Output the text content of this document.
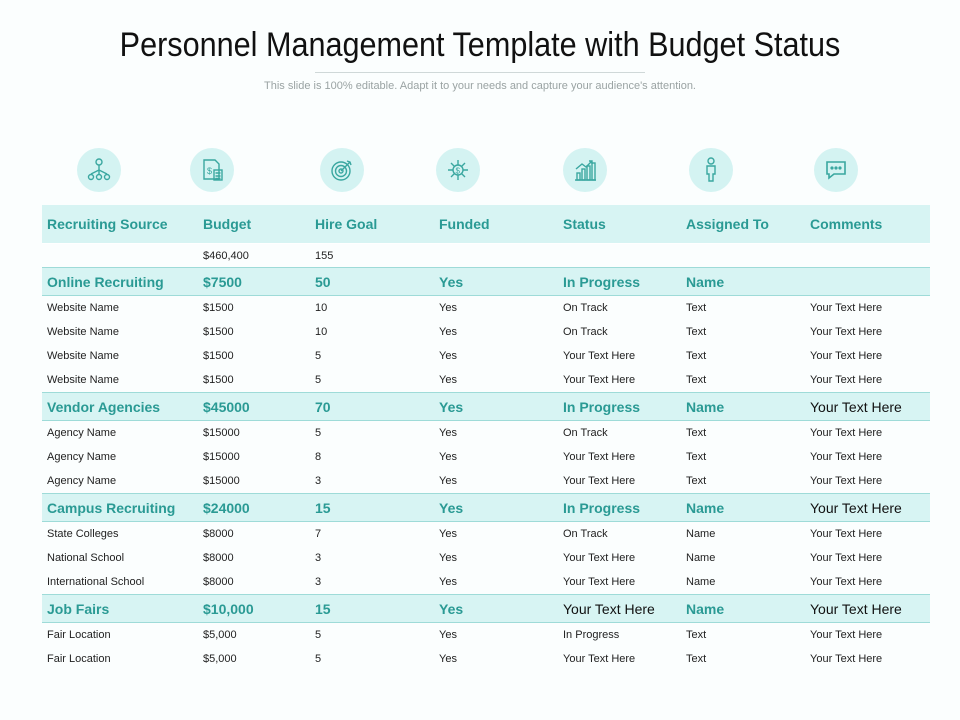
Personnel Management Template with Budget Status
This slide is 100% editable. Adapt it to your needs and capture your audience's attention.
$	$
Recruiting Source	Budget	Hire Goal	Funded	Status	Assigned To	Comments
	$460,400	155				
Online Recruiting	$7500	50	Yes	In Progress	Name	
Website Name	$1500	10	Yes	On Track	Text	Your Text Here
Website Name	$1500	10	Yes	On Track	Text	Your Text Here
Website Name	$1500	5	Yes	Your Text Here	Text	Your Text Here
Website Name	$1500	5	Yes	Your Text Here	Text	Your Text Here
Vendor Agencies	$45000	70	Yes	In Progress	Name	Your Text Here
Agency Name	$15000	5	Yes	On Track	Text	Your Text Here
Agency Name	$15000	8	Yes	Your Text Here	Text	Your Text Here
Agency Name	$15000	3	Yes	Your Text Here	Text	Your Text Here
Campus Recruiting	$24000	15	Yes	In Progress	Name	Your Text Here
State Colleges	$8000	7	Yes	On Track	Name	Your Text Here
National School	$8000	3	Yes	Your Text Here	Name	Your Text Here
International School	$8000	3	Yes	Your Text Here	Name	Your Text Here
Job Fairs	$10,000	15	Yes	Your Text Here	Name	Your Text Here
Fair Location	$5,000	5	Yes	In Progress	Text	Your Text Here
Fair Location	$5,000	5	Yes	Your Text Here	Text	Your Text Here
